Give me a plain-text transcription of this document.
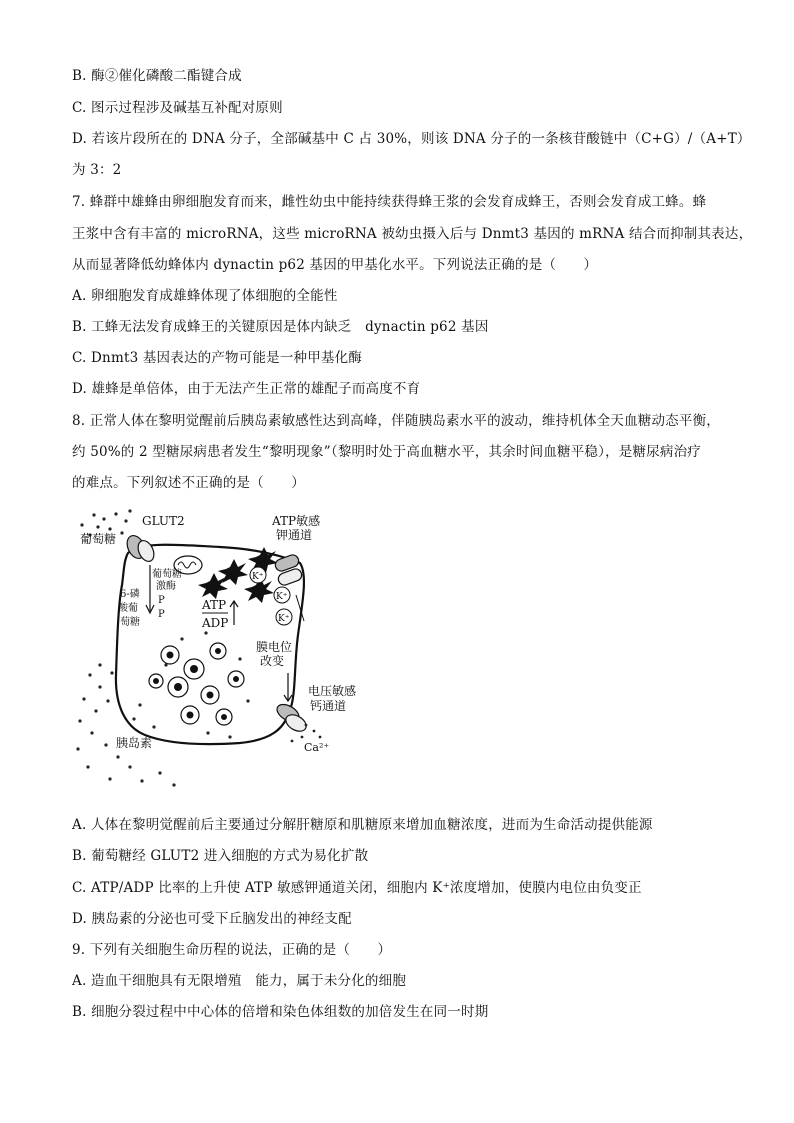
B. 酶②催化磷酸二酯键合成
C. 图示过程涉及碱基互补配对原则
D. 若该片段所在的 DNA 分子，全部碱基中 C 占 30%，则该 DNA 分子的一条核苷酸链中（C+G）/（A+T）
为 3：2
7. 蜂群中雄蜂由卵细胞发育而来，雌性幼虫中能持续获得蜂王浆的会发育成蜂王，否则会发育成工蜂。蜂
王浆中含有丰富的 microRNA，这些 microRNA 被幼虫摄入后与 Dnmt3 基因的 mRNA 结合而抑制其表达，
从而显著降低幼蜂体内 dynactin p62 基因的甲基化水平。下列说法正确的是（　　）
A. 卵细胞发育成雄蜂体现了体细胞的全能性
B. 工蜂无法发育成蜂王的关键原因是体内缺乏　dynactin p62 基因
C. Dnmt3 基因表达的产物可能是一种甲基化酶
D. 雄蜂是单倍体，由于无法产生正常的雄配子而高度不育
8. 正常人体在黎明觉醒前后胰岛素敏感性达到高峰，伴随胰岛素水平的波动，维持机体全天血糖动态平衡，
约 50%的 2 型糖尿病患者发生“黎明现象”（黎明时处于高血糖水平，其余时间血糖平稳），是糖尿病治疗
的难点。下列叙述不正确的是（　　）
GLUT2
葡萄糖
葡萄糖
激酶
6-磷
酸葡
萄糖
P
P
ATP
ADP
ATP敏感
钾通道
K⁺
K⁺
K⁺
膜电位
改变
电压敏感
钙通道
Ca²⁺
胰岛素
A. 人体在黎明觉醒前后主要通过分解肝糖原和肌糖原来增加血糖浓度，进而为生命活动提供能源
B. 葡萄糖经 GLUT2 进入细胞的方式为易化扩散
C. ATP/ADP 比率的上升使 ATP 敏感钾通道关闭，细胞内 K⁺浓度增加，使膜内电位由负变正
D. 胰岛素的分泌也可受下丘脑发出的神经支配
9. 下列有关细胞生命历程的说法，正确的是（　　）
A. 造血干细胞具有无限增殖　能力，属于未分化的细胞
B. 细胞分裂过程中中心体的倍增和染色体组数的加倍发生在同一时期
